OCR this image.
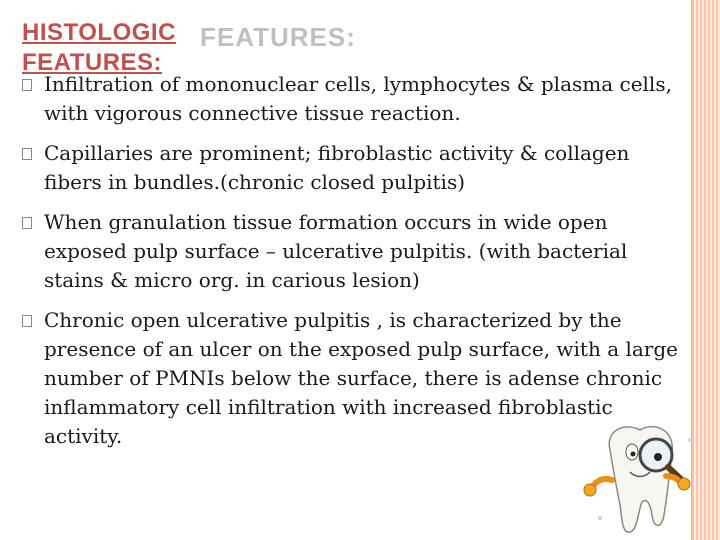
FEATURES:
HISTOLOGIC FEATURES:
Infiltration of mononuclear cells, lymphocytes & plasma cells, with vigorous connective tissue reaction.
Capillaries are prominent; fibroblastic activity & collagen fibers in bundles.(chronic closed pulpitis)
When granulation tissue formation occurs in wide open exposed pulp surface – ulcerative pulpitis. (with bacterial stains & micro org. in carious lesion)
Chronic open ulcerative pulpitis , is characterized by the presence of an ulcer on the exposed pulp surface, with a large number of PMNIs below the surface, there is adense chronic inflammatory cell infiltration with increased fibroblastic activity.
